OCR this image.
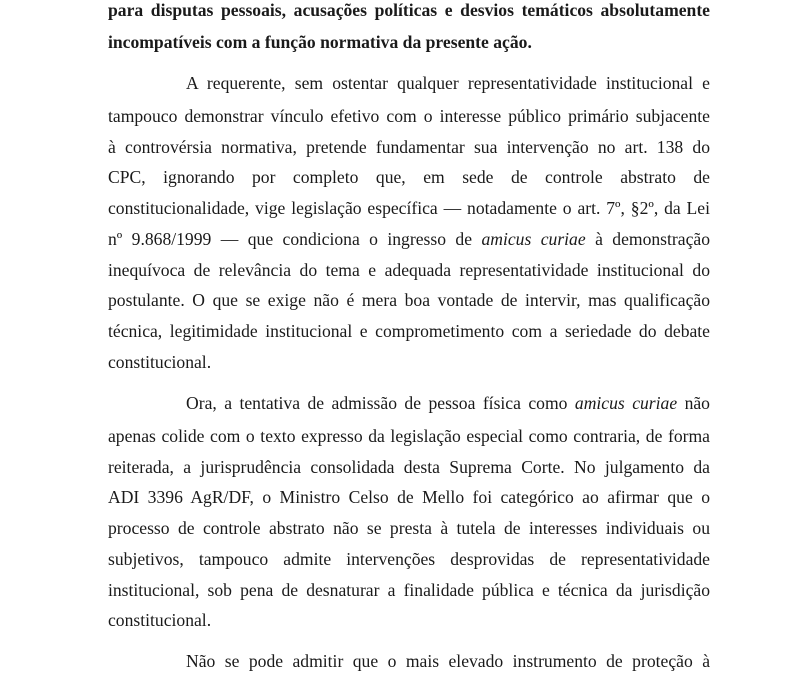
para disputas pessoais, acusações políticas e desvios temáticos absolutamente
incompatíveis com a função normativa da presente ação.
A requerente, sem ostentar qualquer representatividade institucional e
tampouco demonstrar vínculo efetivo com o interesse público primário subjacente
à controvérsia normativa, pretende fundamentar sua intervenção no art. 138 do
CPC, ignorando por completo que, em sede de controle abstrato de
constitucionalidade, vige legislação específica — notadamente o art. 7º, §2º, da Lei
nº 9.868/1999 — que condiciona o ingresso de amicus curiae à demonstração
inequívoca de relevância do tema e adequada representatividade institucional do
postulante. O que se exige não é mera boa vontade de intervir, mas qualificação
técnica, legitimidade institucional e comprometimento com a seriedade do debate
constitucional.
Ora, a tentativa de admissão de pessoa física como amicus curiae não
apenas colide com o texto expresso da legislação especial como contraria, de forma
reiterada, a jurisprudência consolidada desta Suprema Corte. No julgamento da
ADI 3396 AgR/DF, o Ministro Celso de Mello foi categórico ao afirmar que o
processo de controle abstrato não se presta à tutela de interesses individuais ou
subjetivos, tampouco admite intervenções desprovidas de representatividade
institucional, sob pena de desnaturar a finalidade pública e técnica da jurisdição
constitucional.
Não se pode admitir que o mais elevado instrumento de proteção à
